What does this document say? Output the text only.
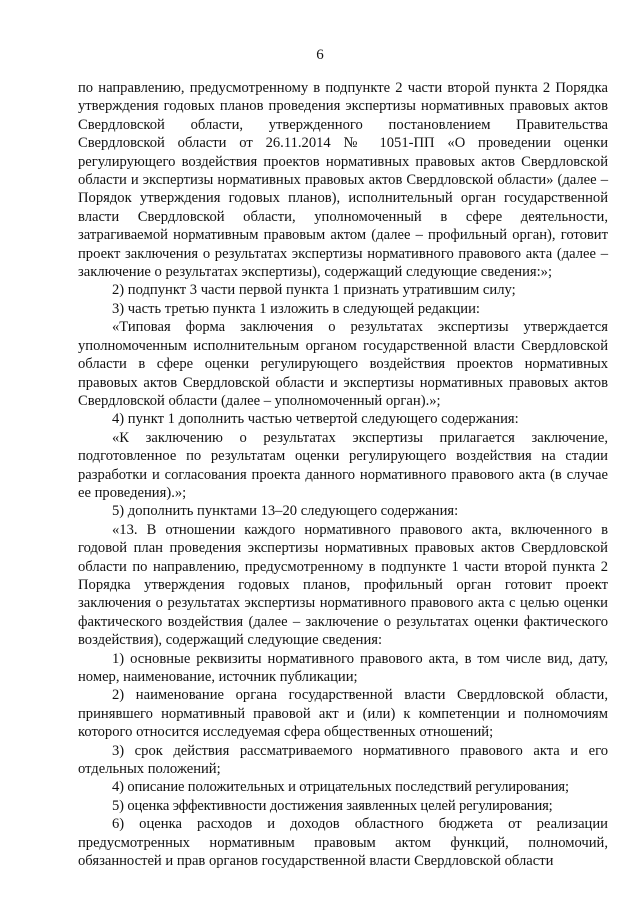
6

по направлению, предусмотренному в подпункте 2 части второй пункта 2 Порядка утверждения годовых планов проведения экспертизы нормативных правовых актов Свердловской области, утвержденного постановлением Правительства Свердловской области от 26.11.2014 № 1051-ПП «О проведении оценки регулирующего воздействия проектов нормативных правовых актов Свердловской области и экспертизы нормативных правовых актов Свердловской области» (далее – Порядок утверждения годовых планов), исполнительный орган государственной власти Свердловской области, уполномоченный в сфере деятельности, затрагиваемой нормативным правовым актом (далее – профильный орган), готовит проект заключения о результатах экспертизы нормативного правового акта (далее – заключение о результатах экспертизы), содержащий следующие сведения:»;

2) подпункт 3 части первой пункта 1 признать утратившим силу;

3) часть третью пункта 1 изложить в следующей редакции:

«Типовая форма заключения о результатах экспертизы утверждается уполномоченным исполнительным органом государственной власти Свердловской области в сфере оценки регулирующего воздействия проектов нормативных правовых актов Свердловской области и экспертизы нормативных правовых актов Свердловской области (далее – уполномоченный орган).»;

4) пункт 1 дополнить частью четвертой следующего содержания:

«К заключению о результатах экспертизы прилагается заключение, подготовленное по результатам оценки регулирующего воздействия на стадии разработки и согласования проекта данного нормативного правового акта (в случае ее проведения).»;

5) дополнить пунктами 13–20 следующего содержания:

«13. В отношении каждого нормативного правового акта, включенного в годовой план проведения экспертизы нормативных правовых актов Свердловской области по направлению, предусмотренному в подпункте 1 части второй пункта 2 Порядка утверждения годовых планов, профильный орган готовит проект заключения о результатах экспертизы нормативного правового акта с целью оценки фактического воздействия (далее – заключение о результатах оценки фактического воздействия), содержащий следующие сведения:

1) основные реквизиты нормативного правового акта, в том числе вид, дату, номер, наименование, источник публикации;

2) наименование органа государственной власти Свердловской области, принявшего нормативный правовой акт и (или) к компетенции и полномочиям которого относится исследуемая сфера общественных отношений;

3) срок действия рассматриваемого нормативного правового акта и его отдельных положений;

4) описание положительных и отрицательных последствий регулирования;

5) оценка эффективности достижения заявленных целей регулирования;

6) оценка расходов и доходов областного бюджета от реализации предусмотренных нормативным правовым актом функций, полномочий, обязанностей и прав органов государственной власти Свердловской области
